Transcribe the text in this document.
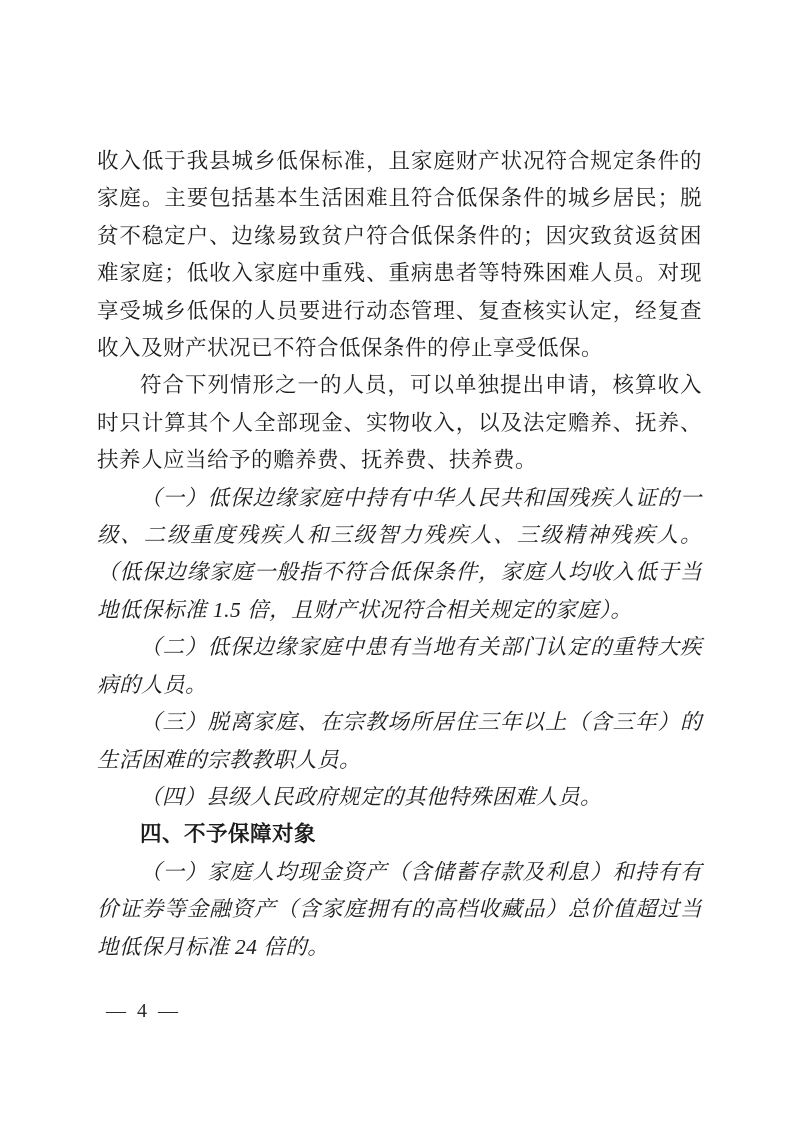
收入低于我县城乡低保标准，且家庭财产状况符合规定条件的家庭。主要包括基本生活困难且符合低保条件的城乡居民；脱贫不稳定户、边缘易致贫户符合低保条件的；因灾致贫返贫困难家庭；低收入家庭中重残、重病患者等特殊困难人员。对现享受城乡低保的人员要进行动态管理、复查核实认定，经复查收入及财产状况已不符合低保条件的停止享受低保。

符合下列情形之一的人员，可以单独提出申请，核算收入时只计算其个人全部现金、实物收入，以及法定赡养、抚养、扶养人应当给予的赡养费、抚养费、扶养费。

（一）低保边缘家庭中持有中华人民共和国残疾人证的一级、二级重度残疾人和三级智力残疾人、三级精神残疾人。（低保边缘家庭一般指不符合低保条件，家庭人均收入低于当地低保标准 1.5 倍，且财产状况符合相关规定的家庭）。

（二）低保边缘家庭中患有当地有关部门认定的重特大疾病的人员。

（三）脱离家庭、在宗教场所居住三年以上（含三年）的生活困难的宗教教职人员。

（四）县级人民政府规定的其他特殊困难人员。

四、不予保障对象

（一）家庭人均现金资产（含储蓄存款及利息）和持有有价证券等金融资产（含家庭拥有的高档收藏品）总价值超过当地低保月标准 24 倍的。

— 4 —
